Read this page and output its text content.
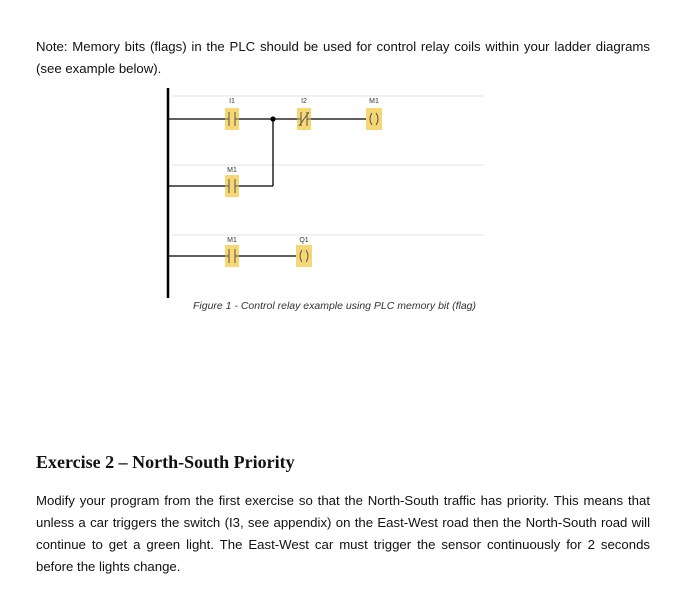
Note: Memory bits (flags) in the PLC should be used for control relay coils within your ladder diagrams (see example below).

I1	I2	M1
M1
M1	Q1
Figure 1 - Control relay example using PLC memory bit (flag)
Exercise 2 – North-South Priority

Modify your program from the first exercise so that the North-South traffic has priority. This means that unless a car triggers the switch (I3, see appendix) on the East-West road then the North-South road will continue to get a green light. The East-West car must trigger the sensor continuously for 2 seconds before the lights change.
